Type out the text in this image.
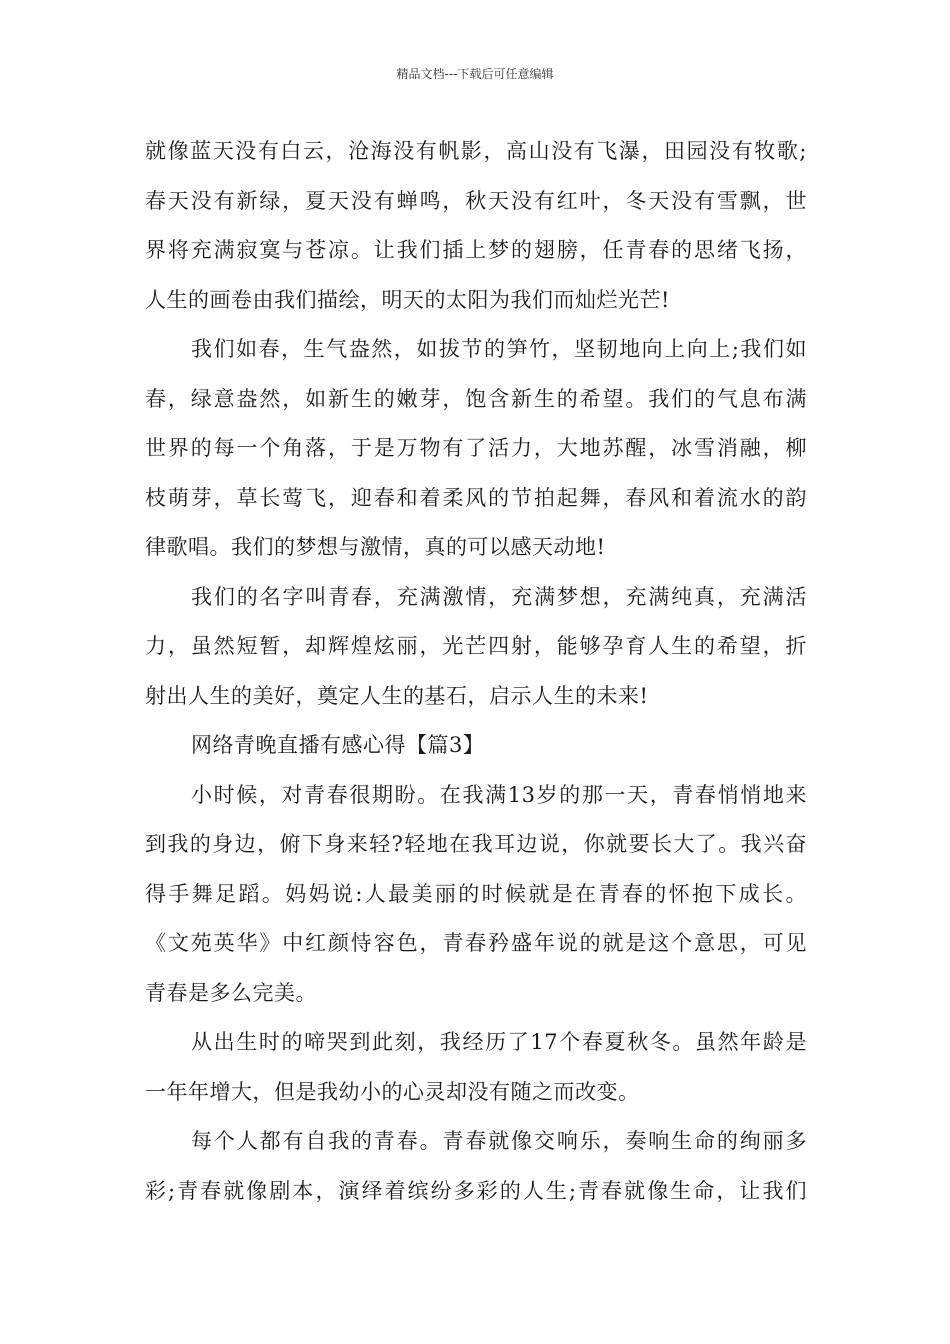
精品文档---下载后可任意编辑
就像蓝天没有白云，沧海没有帆影，高山没有飞瀑，田园没有牧歌;
春天没有新绿，夏天没有蝉鸣，秋天没有红叶，冬天没有雪飘，世
界将充满寂寞与苍凉。让我们插上梦的翅膀，任青春的思绪飞扬，
人生的画卷由我们描绘，明天的太阳为我们而灿烂光芒!
我们如春，生气盎然，如拔节的笋竹，坚韧地向上向上;我们如
春，绿意盎然，如新生的嫩芽，饱含新生的希望。我们的气息布满
世界的每一个角落，于是万物有了活力，大地苏醒，冰雪消融，柳
枝萌芽，草长莺飞，迎春和着柔风的节拍起舞，春风和着流水的韵
律歌唱。我们的梦想与激情，真的可以感天动地!
我们的名字叫青春，充满激情，充满梦想，充满纯真，充满活
力，虽然短暂，却辉煌炫丽，光芒四射，能够孕育人生的希望，折
射出人生的美好，奠定人生的基石，启示人生的未来!
网络青晚直播有感心得【篇3】
小时候，对青春很期盼。在我满13岁的那一天，青春悄悄地来
到我的身边，俯下身来轻?轻地在我耳边说，你就要长大了。我兴奋
得手舞足蹈。妈妈说:人最美丽的时候就是在青春的怀抱下成长。
《文苑英华》中红颜恃容色，青春矜盛年说的就是这个意思，可见
青春是多么完美。
从出生时的啼哭到此刻，我经历了17个春夏秋冬。虽然年龄是
一年年增大，但是我幼小的心灵却没有随之而改变。
每个人都有自我的青春。青春就像交响乐，奏响生命的绚丽多
彩;青春就像剧本，演绎着缤纷多彩的人生;青春就像生命，让我们
